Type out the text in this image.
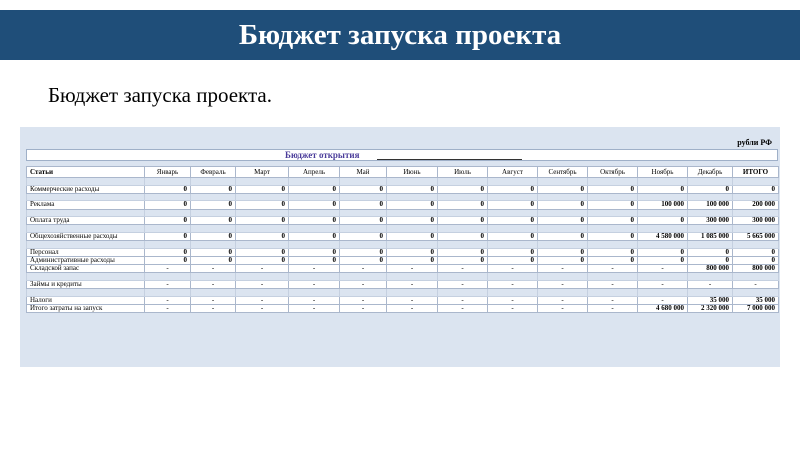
Бюджет запуска проекта
Бюджет запуска проекта.
рубли РФ
Бюджет открытия
Статьи	Январь	Февраль	Март	Апрель	Май	Июнь	Июль	Август	Сентябрь	Октябрь	Ноябрь	Декабрь	ИТОГО

Коммерческие расходы	0	0	0	0	0	0	0	0	0	0	0	0	0

Реклама	0	0	0	0	0	0	0	0	0	0	100 000	100 000	200 000

Оплата труда	0	0	0	0	0	0	0	0	0	0	0	300 000	300 000

Общехозяйственные расходы	0	0	0	0	0	0	0	0	0	0	4 580 000	1 085 000	5 665 000

Персонал	0	0	0	0	0	0	0	0	0	0	0	0	0
Административные расходы	0	0	0	0	0	0	0	0	0	0	0	0	0
Складской запас	-	-	-	-	-	-	-	-	-	-	-	800 000	800 000

Займы и кредиты	-	-	-	-	-	-	-	-	-	-	-	-	-

Налоги	-	-	-	-	-	-	-	-	-	-	-	35 000	35 000
Итого затраты на запуск	-	-	-	-	-	-	-	-	-	-	4 680 000	2 320 000	7 000 000
